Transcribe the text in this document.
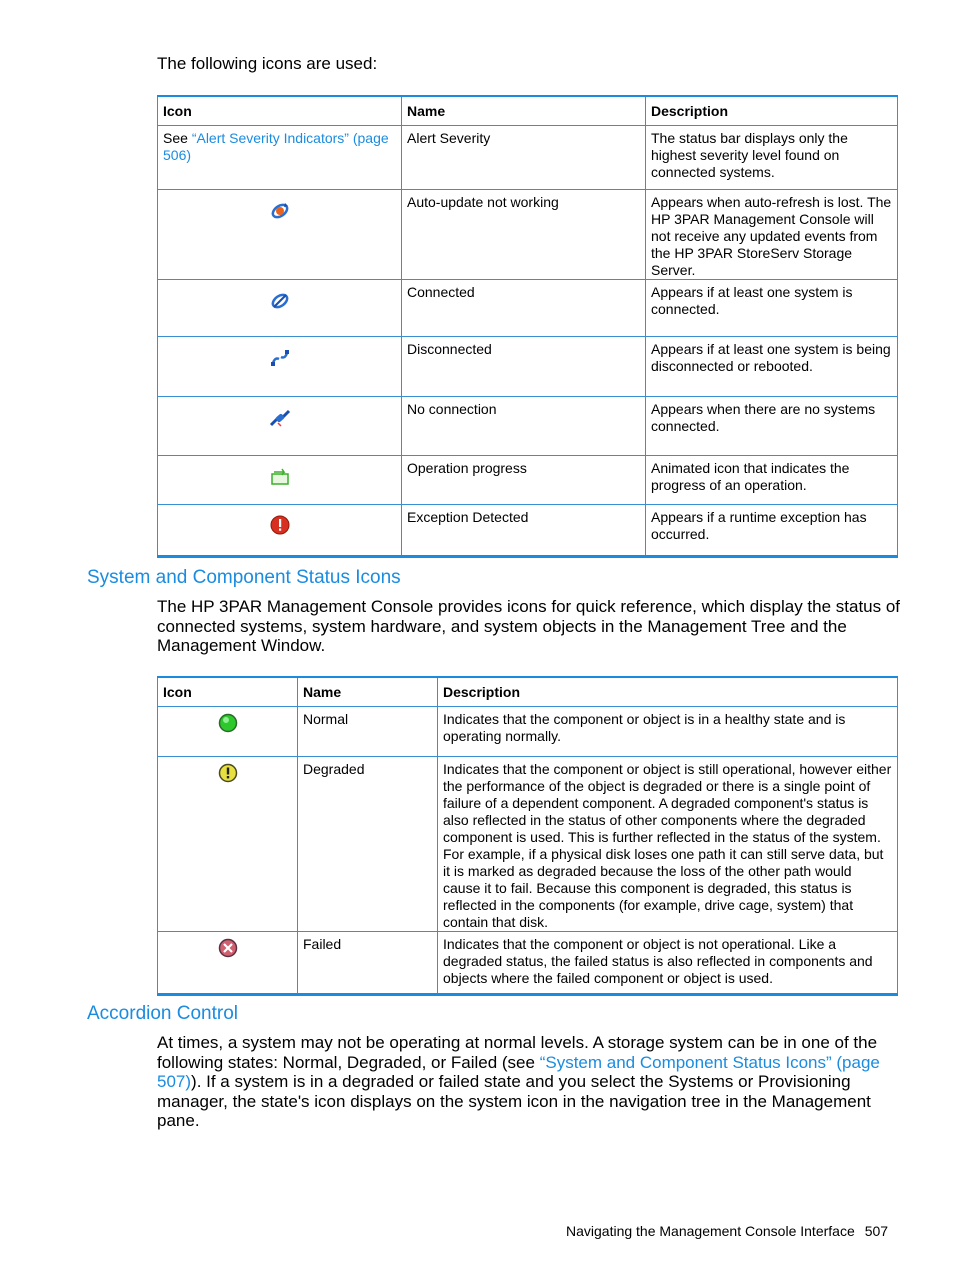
The following icons are used:
Icon	Name	Description
See “Alert Severity Indicators” (page 506)	Alert Severity	The status bar displays only the highest severity level found on connected systems.
	Auto-update not working	Appears when auto-refresh is lost. The HP 3PAR Management Console will not receive any updated events from the HP 3PAR StoreServ Storage Server.
	Connected	Appears if at least one system is connected.
	Disconnected	Appears if at least one system is being disconnected or rebooted.
	No connection	Appears when there are no systems connected.
	Operation progress	Animated icon that indicates the progress of an operation.
	Exception Detected	Appears if a runtime exception has occurred.
System and Component Status Icons

The HP 3PAR Management Console provides icons for quick reference, which display the status of connected systems, system hardware, and system objects in the Management Tree and the Management Window.

Icon	Name	Description
	Normal	Indicates that the component or object is in a healthy state and is operating normally.
	Degraded	Indicates that the component or object is still operational, however either the performance of the object is degraded or there is a single point of failure of a dependent component. A degraded component's status is also reflected in the status of other components where the degraded component is used. This is further reflected in the status of the system. For example, if a physical disk loses one path it can still serve data, but it is marked as degraded because the loss of the other path would cause it to fail. Because this component is degraded, this status is reflected in the components (for example, drive cage, system) that contain that disk.
	Failed	Indicates that the component or object is not operational. Like a degraded status, the failed status is also reflected in components and objects where the failed component or object is used.
Accordion Control

At times, a system may not be operating at normal levels. A storage system can be in one of the following states: Normal, Degraded, or Failed (see “System and Component Status Icons” (page 507)). If a system is in a degraded or failed state and you select the Systems or Provisioning manager, the state's icon displays on the system icon in the navigation tree in the Management pane.

Navigating the Management Console Interface 507
